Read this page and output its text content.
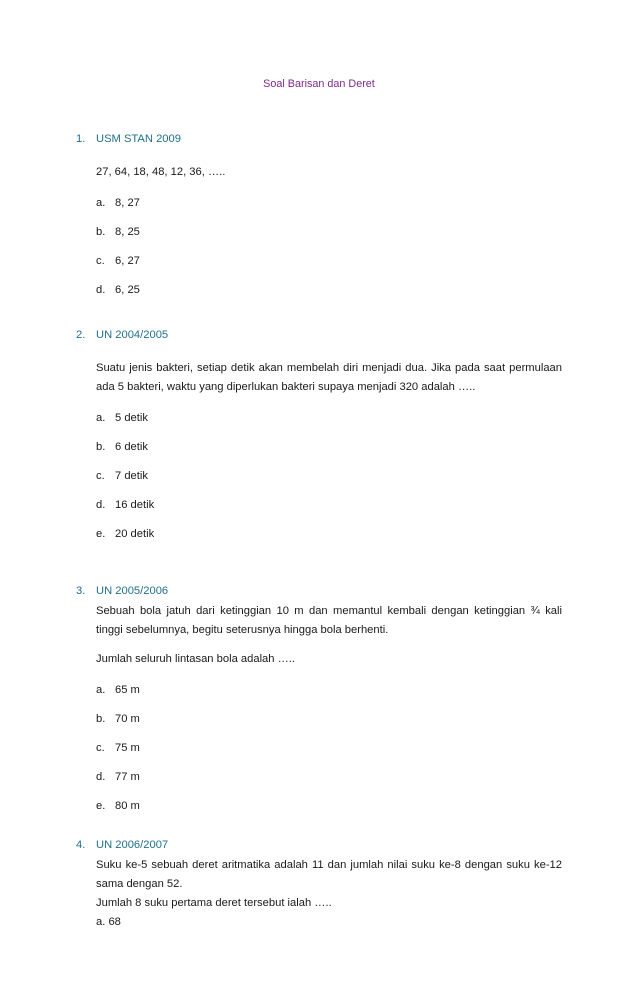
Soal Barisan dan Deret
1. USM STAN 2009
27, 64, 18, 48, 12, 36, …..
a. 8, 27
b. 8, 25
c. 6, 27
d. 6, 25
2. UN 2004/2005
Suatu jenis bakteri, setiap detik akan membelah diri menjadi dua. Jika pada saat permulaan ada 5 bakteri, waktu yang diperlukan bakteri supaya menjadi 320 adalah …..
a. 5 detik
b. 6 detik
c. 7 detik
d. 16 detik
e. 20 detik
3. UN 2005/2006
Sebuah bola jatuh dari ketinggian 10 m dan memantul kembali dengan ketinggian ¾ kali tinggi sebelumnya, begitu seterusnya hingga bola berhenti.
Jumlah seluruh lintasan bola adalah …..
a. 65 m
b. 70 m
c. 75 m
d. 77 m
e. 80 m
4. UN 2006/2007
Suku ke-5 sebuah deret aritmatika adalah 11 dan jumlah nilai suku ke-8 dengan suku ke-12 sama dengan 52.
Jumlah 8 suku pertama deret tersebut ialah …..
a. 68
